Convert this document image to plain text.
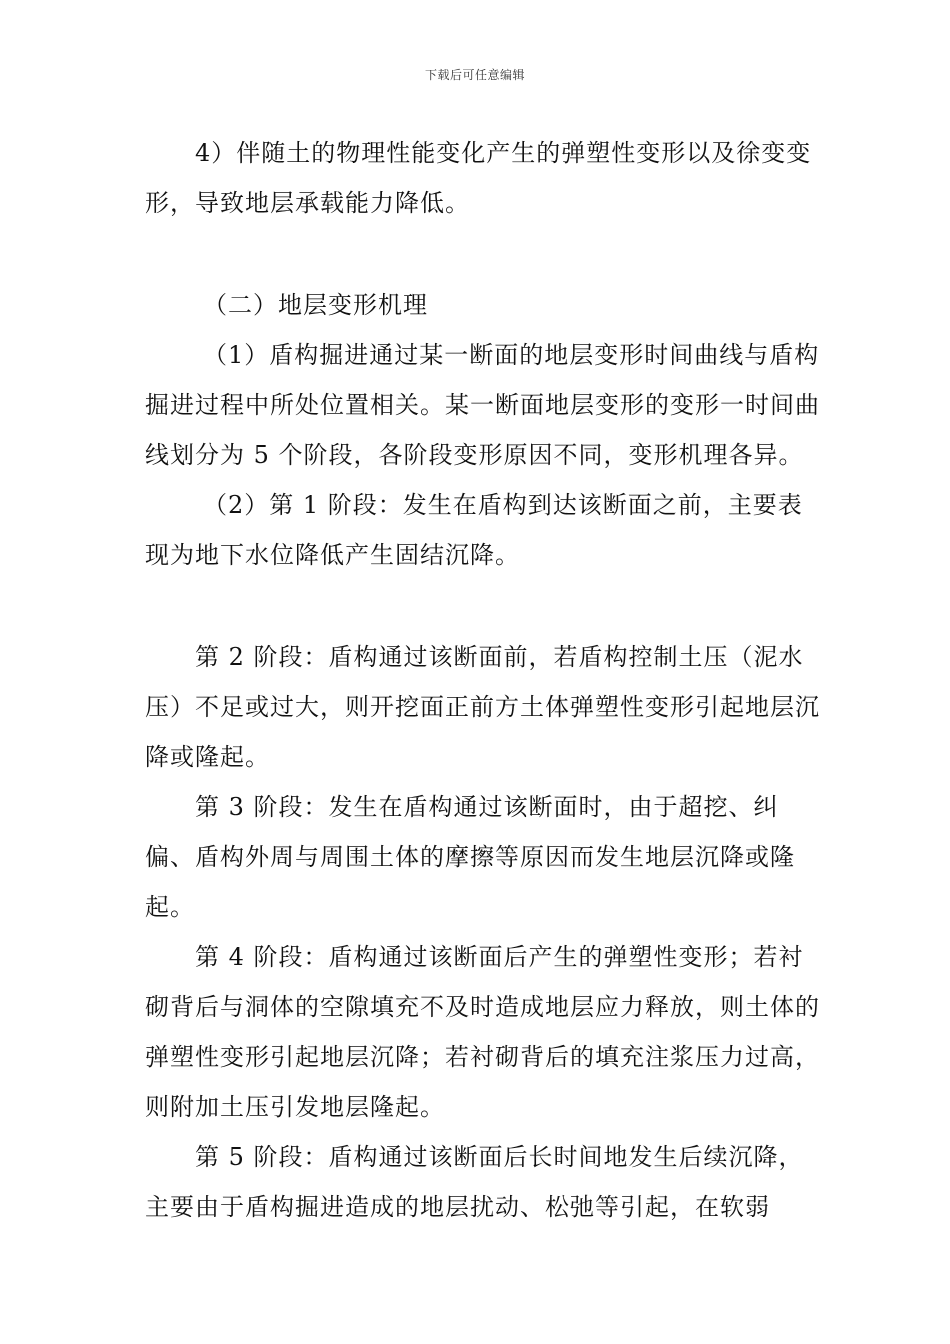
下载后可任意编辑

4）伴随土的物理性能变化产生的弹塑性变形以及徐变变形，导致地层承载能力降低。

（二）地层变形机理

（1）盾构掘进通过某一断面的地层变形时间曲线与盾构掘进过程中所处位置相关。某一断面地层变形的变形一时间曲线划分为 5 个阶段，各阶段变形原因不同，变形机理各异。

（2）第 1 阶段：发生在盾构到达该断面之前，主要表现为地下水位降低产生固结沉降。

第 2 阶段：盾构通过该断面前，若盾构控制土压（泥水压）不足或过大，则开挖面正前方土体弹塑性变形引起地层沉降或隆起。

第 3 阶段：发生在盾构通过该断面时，由于超挖、纠偏、盾构外周与周围土体的摩擦等原因而发生地层沉降或隆起。

第 4 阶段：盾构通过该断面后产生的弹塑性变形；若衬砌背后与洞体的空隙填充不及时造成地层应力释放，则土体的弹塑性变形引起地层沉降；若衬砌背后的填充注浆压力过高，则附加土压引发地层隆起。

第 5 阶段：盾构通过该断面后长时间地发生后续沉降，主要由于盾构掘进造成的地层扰动、松弛等引起，在软弱
